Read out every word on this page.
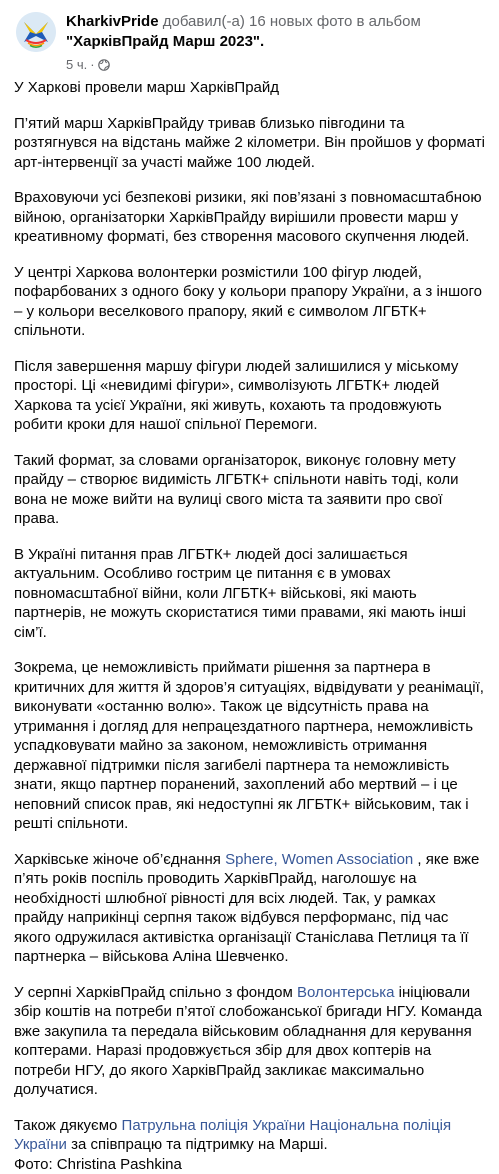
KharkivPride добавил(-а) 16 новых фото в альбом "ХарківПрайд Марш 2023".
5 ч. ·

У Харкові провели марш ХарківПрайд

П’ятий марш ХарківПрайду тривав близько півгодини та розтягнувся на відстань майже 2 кілометри. Він пройшов у форматі арт-інтервенції за участі майже 100 людей.

Враховуючи усі безпекові ризики, які пов’язані з повномасштабною війною, організаторки ХарківПрайду вирішили провести марш у креативному форматі, без створення масового скупчення людей.

У центрі Харкова волонтерки розмістили 100 фігур людей, пофарбованих з одного боку у кольори прапору України, а з іншого – у кольори веселкового прапору, який є символом ЛГБТК+ спільноти.

Після завершення маршу фігури людей залишилися у міському просторі. Ці «невидимі фігури», символізують ЛГБТК+ людей Харкова та усієї України, які живуть, кохають та продовжують робити кроки для нашої спільної Перемоги.

Такий формат, за словами організаторок, виконує головну мету прайду – створює видимість ЛГБТК+ спільноти навіть тоді, коли вона не може вийти на вулиці свого міста та заявити про свої права.

В Україні питання прав ЛГБТК+ людей досі залишається актуальним. Особливо гострим це питання є в умовах повномасштабної війни, коли ЛГБТК+ військові, які мають партнерів, не можуть скористатися тими правами, які мають інші сім’ї.

Зокрема, це неможливість приймати рішення за партнера в критичних для життя й здоров’я ситуаціях, відвідувати у реанімації, виконувати «останню волю». Також це відсутність права на утримання і догляд для непрацездатного партнера, неможливість успадковувати майно за законом, неможливість отримання державної підтримки після загибелі партнера та неможливість знати, якщо партнер поранений, захоплений або мертвий – і це неповний список прав, які недоступні як ЛГБТК+ військовим, так і решті спільноти.

Харківське жіноче об’єднання Sphere, Women Association , яке вже п’ять років поспіль проводить ХарківПрайд, наголошує на необхідності шлюбної рівності для всіх людей. Так, у рамках прайду наприкінці серпня також відбувся перформанс, під час якого одружилася активістка організації Станіслава Петлиця та її партнерка – військова Аліна Шевченко.

У серпні ХарківПрайд спільно з фондом Волонтерська ініціювали збір коштів на потреби п’ятої слобожанської бригади НГУ. Команда вже закупила та передала військовим обладнання для керування коптерами. Наразі продовжується збір для двох коптерів на потреби НГУ, до якого ХарківПрайд закликає максимально долучатися.

Також дякуємо Патрульна поліція України Національна поліція України за співпрацю та підтримку на Марші.

Фото: Christina Pashkina
